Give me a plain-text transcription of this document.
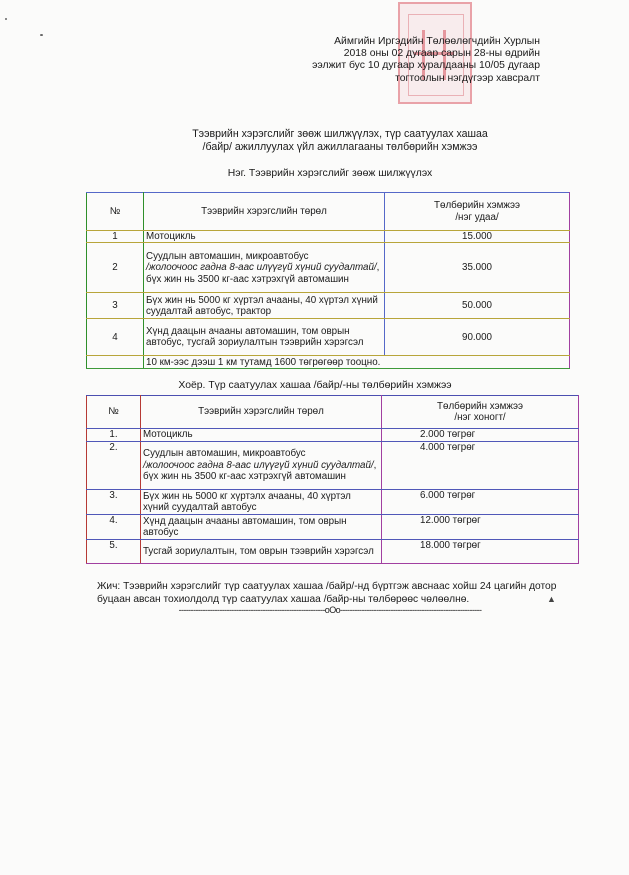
Аймгийн Иргэдийн Төлөөлөгчдийн Хурлын
2018 оны 02 дугаар сарын 28-ны өдрийн
ээлжит бус 10 дугаар хуралдааны 10/05 дугаар
тогтоолын нэгдүгээр хавсралт
Тээврийн хэрэгслийг зөөж шилжүүлэх, түр саатуулах хашаа
/байр/ ажиллуулах үйл ажиллагааны төлбөрийн хэмжээ
Нэг. Тээврийн хэрэгслийг зөөж шилжүүлэх
№	Тээврийн хэрэгслийн төрөл	Төлбөрийн хэмжээ
/нэг удаа/

1	Мотоцикль	15.000
2	Суудлын автомашин, микроавтобус
/жолоочоос гадна 8-аас илүүгүй хүний суудалтай/, бүх жин нь 3500 кг-аас хэтрэхгүй автомашин	35.000
3	Бүх жин нь 5000 кг хүртэл ачааны, 40 хүртэл хүний суудалтай автобус, трактор	50.000
4	Хүнд даацын ачааны автомашин, том оврын автобус, тусгай зориулалтын тээврийн хэрэгсэл	90.000
	10 км-ээс дээш 1 км тутамд 1600 төгрөгөөр тооцно.	
Хоёр. Түр саатуулах хашаа /байр/-ны төлбөрийн хэмжээ
№	Тээврийн хэрэгслийн төрөл	Төлбөрийн хэмжээ
/нэг хоногт/

1.	Мотоцикль	2.000 төгрөг
2.	Суудлын автомашин, микроавтобус
/жолоочоос гадна 8-аас илүүгүй хүний суудалтай/, бүх жин нь 3500 кг-аас хэтрэхгүй автомашин	4.000 төгрөг
3.	Бүх жин нь 5000 кг хүртэлх ачааны, 40 хүртэл хүний суудалтай автобус	6.000 төгрөг
4.	Хүнд даацын ачааны автомашин, том оврын автобус	12.000 төгрөг
5.	Тусгай зориулалтын, том оврын тээврийн хэрэгсэл	18.000 төгрөг
Жич: Тээврийн хэрэгслийг түр саатуулах хашаа /байр/-нд бүртгэж авснаас хойш 24 цагийн дотор буцаан авсан тохиолдолд түр саатуулах хашаа /байр-ны төлбөрөөс чөлөөлнө.	▲
-------------------------------------------------------------оОо-----------------------------------------------------------
